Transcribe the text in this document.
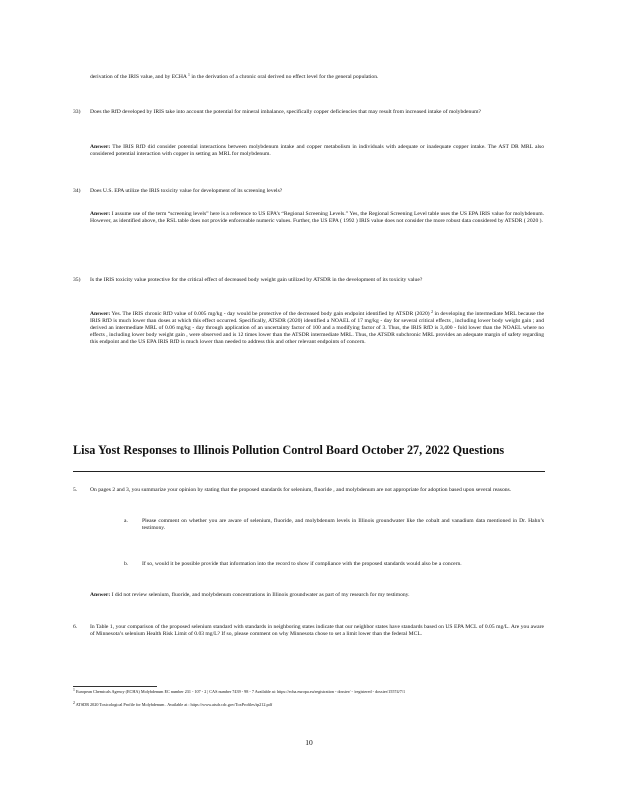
derivation of the IRIS value, and by ECHA $^1$ in the derivation of a chronic oral derived no effect level for the general population.
33) Does the RfD developed by IRIS take into account the potential for mineral imbalance, specifically copper deficiencies that may result from increased intake of molybdenum?
Answer: The IRIS RfD did consider potential interactions between molybdenum intake and copper metabolism in individuals with adequate or inadequate copper intake. The AST DR MRL also considered potential interaction with copper in setting an MRL for molybdenum.
34) Does U.S. EPA utilize the IRIS toxicity value for development of its screening levels?
Answer: I assume use of the term “screening levels” here is a reference to US EPA’s “Regional Screening Levels.” Yes, the Regional Screening Level table uses the US EPA IRIS value for molybdenum. However, as identified above, the RSL table does not provide enforceable numeric values. Further, the US EPA ( 1992 ) IRIS value does not consider the more robust data considered by ATSDR ( 2020 ).
35) Is the IRIS toxicity value protective for the critical effect of decreased body weight gain utilized by ATSDR in the development of its toxicity value?
Answer: Yes. The IRIS chronic RfD value of 0.005 mg/kg - day would be protective of the decreased body gain endpoint identified by ATSDR (2020) $^2$ in developing the intermediate MRL because the IRIS RfD is much lower than doses at which this effect occurred. Specifically, ATSDR (2020) identified a NOAEL of 17 mg/kg - day for several critical effects , including lower body weight gain ; and derived an intermediate MRL of 0.06 mg/kg - day through application of an uncertainty factor of 100 and a modifying factor of 3. Thus, the IRIS RfD is 3,400 - fold lower than the NOAEL where no effects , including lower body weight gain , were observed and is 12 times lower than the ATSDR intermediate MRL. Thus, the ATSDR subchronic MRL provides an adequate margin of safety regarding this endpoint and the US EPA IRIS RfD is much lower than needed to address this and other relevant endpoints of concern.
Lisa Yost Responses to Illinois Pollution Control Board October 27, 2022 Questions
5. On pages 2 and 3, you summarize your opinion by stating that the proposed standards for selenium, fluoride , and molybdenum are not appropriate for adoption based upon several reasons.
a.	Please comment on whether you are aware of selenium, fluoride, and molybdenum levels in Illinois groundwater like the cobalt and vanadium data mentioned in Dr. Hahn’s testimony.
b. If so, would it be possible provide that information into the record to show if compliance with the proposed standards would also be a concern.
Answer: I did not review selenium, fluoride, and molybdenum concentrations in Illinois groundwater as part of my research for my testimony.
6. In Table 1, your comparison of the proposed selenium standard with standards in neighboring states indicate that our neighbor states have standards based on US EPA MCL of 0.05 mg/L. Are you aware of Minnesota’s selenium Health Risk Limit of 0.03 mg/L? If so, please comment on why Minnesota chose to set a limit lower than the federal MCL.
$^1$ European Chemicals Agency (ECHA) Molybdenum EC number 231 - 107 - 2 | CAS number 7439 - 98 - 7 Available at: https://echa.europa.eu/registration - dossier/ - /registered - dossier/15574/7/1
$^2$ ATSDR 2020 Toxicological Profile for Molybdenum . Available at : https://www.atsdr.cdc.gov/ToxProfiles/tp212.pdf
10
